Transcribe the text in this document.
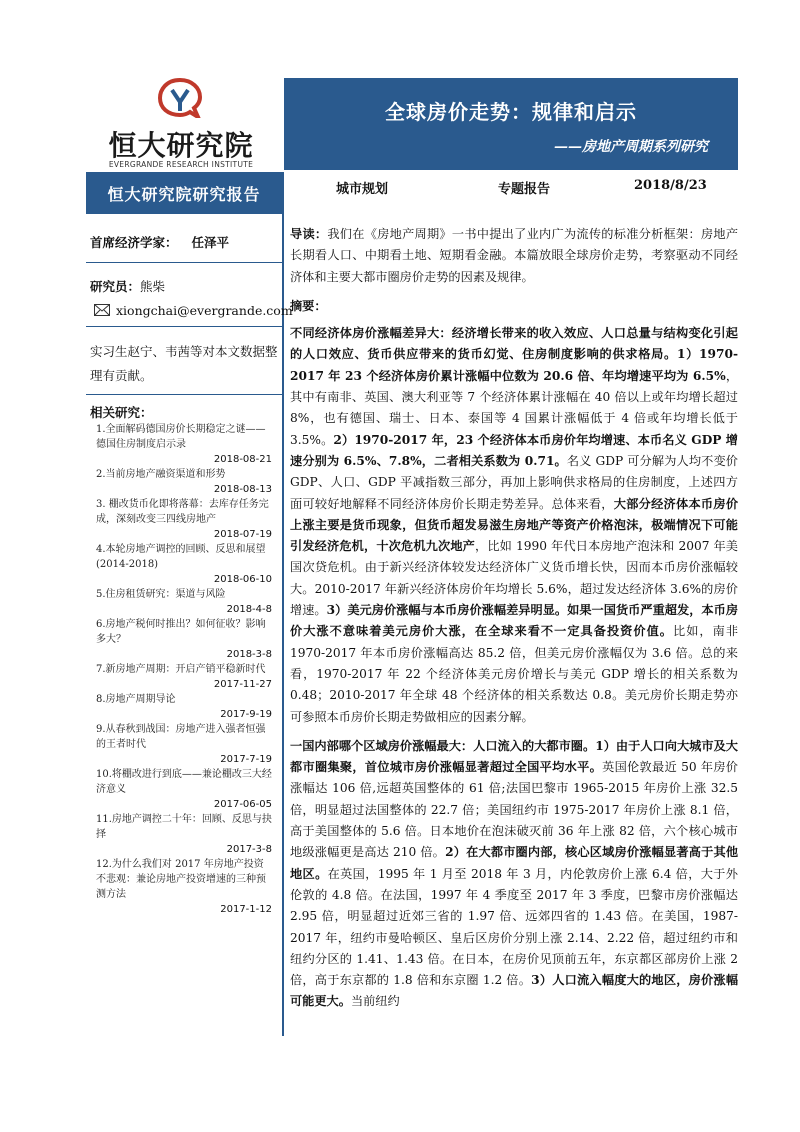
恒大研究院
EVERGRANDE RESEARCH INSTITUTE
全球房价走势：规律和启示
——房地产周期系列研究
恒大研究院研究报告	城市规划	专题报告	2018/8/23
首席经济学家： 任泽平
研究员：熊柴
xiongchai@evergrande.com
实习生赵宁、韦茜等对本文数据整理有贡献。
相关研究：
1.全面解码德国房价长期稳定之谜——德国住房制度启示录
2018-08-21
2.当前房地产融资渠道和形势
2018-08-13
3. 棚改货币化即将落幕：去库存任务完成，深刻改变三四线房地产
2018-07-19
4.本轮房地产调控的回顾、反思和展望(2014-2018)
2018-06-10
5.住房租赁研究：渠道与风险
2018-4-8
6.房地产税何时推出？如何征收？影响多大？
2018-3-8
7.新房地产周期：开启产销平稳新时代
2017-11-27
8.房地产周期导论
2017-9-19
9.从春秋到战国：房地产进入强者恒强的王者时代
2017-7-19
10.将棚改进行到底——兼论棚改三大经济意义
2017-06-05
11.房地产调控二十年：回顾、反思与抉择
2017-3-8
12.为什么我们对 2017 年房地产投资不悲观：兼论房地产投资增速的三种预测方法
2017-1-12

导读：我们在《房地产周期》一书中提出了业内广为流传的标准分析框架：房地产长期看人口、中期看土地、短期看金融。本篇放眼全球房价走势，考察驱动不同经济体和主要大都市圈房价走势的因素及规律。

摘要：

不同经济体房价涨幅差异大：经济增长带来的收入效应、人口总量与结构变化引起的人口效应、货币供应带来的货币幻觉、住房制度影响的供求格局。1）1970-2017 年 23 个经济体房价累计涨幅中位数为 20.6 倍、年均增速平均为 6.5%，其中有南非、英国、澳大利亚等 7 个经济体累计涨幅在 40 倍以上或年均增长超过 8%，也有德国、瑞士、日本、泰国等 4 国累计涨幅低于 4 倍或年均增长低于 3.5%。2）1970-2017 年，23 个经济体本币房价年均增速、本币名义 GDP 增速分别为 6.5%、7.8%，二者相关系数为 0.71。名义 GDP 可分解为人均不变价 GDP、人口、GDP 平减指数三部分，再加上影响供求格局的住房制度，上述四方面可较好地解释不同经济体房价长期走势差异。总体来看，大部分经济体本币房价上涨主要是货币现象，但货币超发易滋生房地产等资产价格泡沫，极端情况下可能引发经济危机，十次危机九次地产，比如 1990 年代日本房地产泡沫和 2007 年美国次贷危机。由于新兴经济体较发达经济体广义货币增长快，因而本币房价涨幅较大。2010-2017 年新兴经济体房价年均增长 5.6%，超过发达经济体 3.6%的房价增速。3）美元房价涨幅与本币房价涨幅差异明显。如果一国货币严重超发，本币房价大涨不意味着美元房价大涨，在全球来看不一定具备投资价值。比如，南非 1970-2017 年本币房价涨幅高达 85.2 倍，但美元房价涨幅仅为 3.6 倍。总的来看，1970-2017 年 22 个经济体美元房价增长与美元 GDP 增长的相关系数为 0.48；2010-2017 年全球 48 个经济体的相关系数达 0.8。美元房价长期走势亦可参照本币房价长期走势做相应的因素分解。

一国内部哪个区域房价涨幅最大：人口流入的大都市圈。1）由于人口向大城市及大都市圈集聚，首位城市房价涨幅显著超过全国平均水平。英国伦敦最近 50 年房价涨幅达 106 倍,远超英国整体的 61 倍;法国巴黎市 1965-2015 年房价上涨 32.5 倍，明显超过法国整体的 22.7 倍；美国纽约市 1975-2017 年房价上涨 8.1 倍，高于美国整体的 5.6 倍。日本地价在泡沫破灭前 36 年上涨 82 倍，六个核心城市地级涨幅更是高达 210 倍。2）在大都市圈内部，核心区域房价涨幅显著高于其他地区。在英国，1995 年 1 月至 2018 年 3 月，内伦敦房价上涨 6.4 倍，大于外伦敦的 4.8 倍。在法国，1997 年 4 季度至 2017 年 3 季度，巴黎市房价涨幅达 2.95 倍，明显超过近郊三省的 1.97 倍、远郊四省的 1.43 倍。在美国，1987-2017 年，纽约市曼哈顿区、皇后区房价分别上涨 2.14、2.22 倍，超过纽约市和纽约分区的 1.41、1.43 倍。在日本，在房价见顶前五年，东京都区部房价上涨 2 倍，高于东京都的 1.8 倍和东京圈 1.2 倍。3）人口流入幅度大的地区，房价涨幅可能更大。当前纽约
